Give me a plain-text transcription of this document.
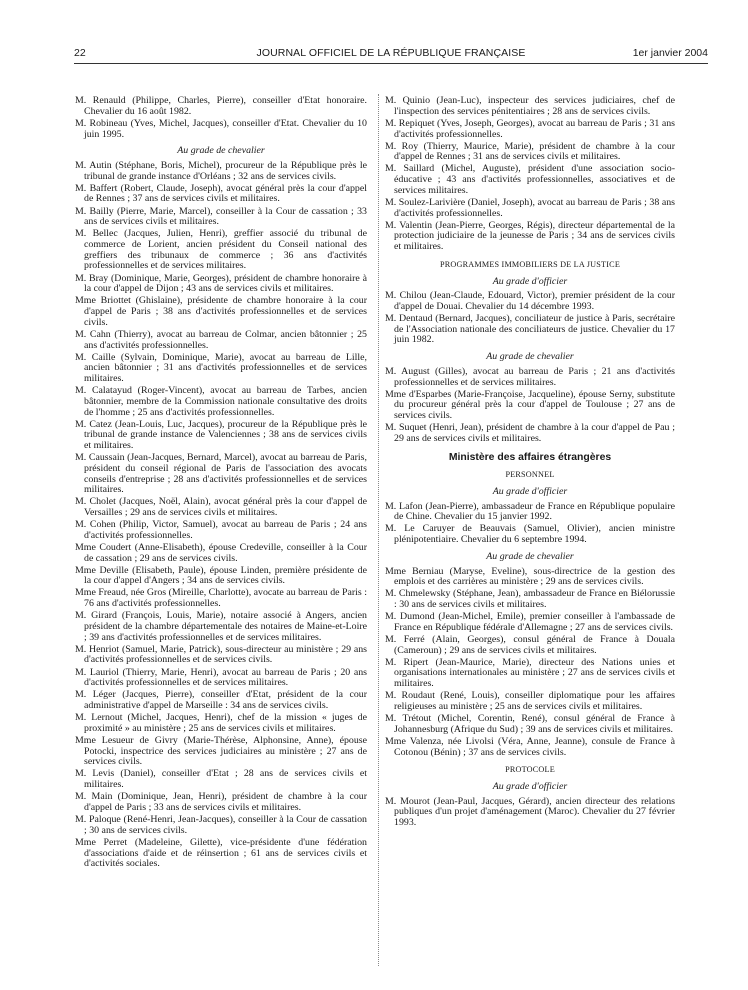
22	JOURNAL OFFICIEL DE LA RÉPUBLIQUE FRANÇAISE	1er janvier 2004
M. Renauld (Philippe, Charles, Pierre), conseiller d'Etat honoraire. Chevalier du 16 août 1982.
M. Robineau (Yves, Michel, Jacques), conseiller d'Etat. Chevalier du 10 juin 1995.
Au grade de chevalier
M. Autin (Stéphane, Boris, Michel), procureur de la République près le tribunal de grande instance d'Orléans ; 32 ans de services civils.
M. Baffert (Robert, Claude, Joseph), avocat général près la cour d'appel de Rennes ; 37 ans de services civils et militaires.
M. Bailly (Pierre, Marie, Marcel), conseiller à la Cour de cassation ; 33 ans de services civils et militaires.
M. Bellec (Jacques, Julien, Henri), greffier associé du tribunal de commerce de Lorient, ancien président du Conseil national des greffiers des tribunaux de commerce ; 36 ans d'activités professionnelles et de services militaires.
M. Bray (Dominique, Marie, Georges), président de chambre honoraire à la cour d'appel de Dijon ; 43 ans de services civils et militaires.
Mme Briottet (Ghislaine), présidente de chambre honoraire à la cour d'appel de Paris ; 38 ans d'activités professionnelles et de services civils.
M. Cahn (Thierry), avocat au barreau de Colmar, ancien bâtonnier ; 25 ans d'activités professionnelles.
M. Caille (Sylvain, Dominique, Marie), avocat au barreau de Lille, ancien bâtonnier ; 31 ans d'activités professionnelles et de services militaires.
M. Calatayud (Roger-Vincent), avocat au barreau de Tarbes, ancien bâtonnier, membre de la Commission nationale consultative des droits de l'homme ; 25 ans d'activités professionnelles.
M. Catez (Jean-Louis, Luc, Jacques), procureur de la République près le tribunal de grande instance de Valenciennes ; 38 ans de services civils et militaires.
M. Caussain (Jean-Jacques, Bernard, Marcel), avocat au barreau de Paris, président du conseil régional de Paris de l'association des avocats conseils d'entreprise ; 28 ans d'activités professionnelles et de services militaires.
M. Cholet (Jacques, Noël, Alain), avocat général près la cour d'appel de Versailles ; 29 ans de services civils et militaires.
M. Cohen (Philip, Victor, Samuel), avocat au barreau de Paris ; 24 ans d'activités professionnelles.
Mme Coudert (Anne-Elisabeth), épouse Credeville, conseiller à la Cour de cassation ; 29 ans de services civils.
Mme Deville (Elisabeth, Paule), épouse Linden, première présidente de la cour d'appel d'Angers ; 34 ans de services civils.
Mme Freaud, née Gros (Mireille, Charlotte), avocate au barreau de Paris : 76 ans d'activités professionnelles.
M. Girard (François, Louis, Marie), notaire associé à Angers, ancien président de la chambre départementale des notaires de Maine-et-Loire ; 39 ans d'activités professionnelles et de services militaires.
M. Henriot (Samuel, Marie, Patrick), sous-directeur au ministère ; 29 ans d'activités professionnelles et de services civils.
M. Lauriol (Thierry, Marie, Henri), avocat au barreau de Paris ; 20 ans d'activités professionnelles et de services militaires.
M. Léger (Jacques, Pierre), conseiller d'Etat, président de la cour administrative d'appel de Marseille : 34 ans de services civils.
M. Lernout (Michel, Jacques, Henri), chef de la mission « juges de proximité » au ministère ; 25 ans de services civils et militaires.
Mme Lesueur de Givry (Marie-Thérèse, Alphonsine, Anne), épouse Potocki, inspectrice des services judiciaires au ministère ; 27 ans de services civils.
M. Levis (Daniel), conseiller d'Etat ; 28 ans de services civils et militaires.
M. Main (Dominique, Jean, Henri), président de chambre à la cour d'appel de Paris ; 33 ans de services civils et militaires.
M. Paloque (René-Henri, Jean-Jacques), conseiller à la Cour de cassation ; 30 ans de services civils.
Mme Perret (Madeleine, Gilette), vice-présidente d'une fédération d'associations d'aide et de réinsertion ; 61 ans de services civils et d'activités sociales.
M. Quinio (Jean-Luc), inspecteur des services judiciaires, chef de l'inspection des services pénitentiaires ; 28 ans de services civils.
M. Repiquet (Yves, Joseph, Georges), avocat au barreau de Paris ; 31 ans d'activités professionnelles.
M. Roy (Thierry, Maurice, Marie), président de chambre à la cour d'appel de Rennes ; 31 ans de services civils et militaires.
M. Saillard (Michel, Auguste), président d'une association socio-éducative ; 43 ans d'activités professionnelles, associatives et de services militaires.
M. Soulez-Larivière (Daniel, Joseph), avocat au barreau de Paris ; 38 ans d'activités professionnelles.
M. Valentin (Jean-Pierre, Georges, Régis), directeur départemental de la protection judiciaire de la jeunesse de Paris ; 34 ans de services civils et militaires.
PROGRAMMES IMMOBILIERS DE LA JUSTICE
Au grade d'officier
M. Chilou (Jean-Claude, Edouard, Victor), premier président de la cour d'appel de Douai. Chevalier du 14 décembre 1993.
M. Dentaud (Bernard, Jacques), conciliateur de justice à Paris, secrétaire de l'Association nationale des conciliateurs de justice. Chevalier du 17 juin 1982.
Au grade de chevalier
M. August (Gilles), avocat au barreau de Paris ; 21 ans d'activités professionnelles et de services militaires.
Mme d'Esparbes (Marie-Françoise, Jacqueline), épouse Serny, substitute du procureur général près la cour d'appel de Toulouse ; 27 ans de services civils.
M. Suquet (Henri, Jean), président de chambre à la cour d'appel de Pau ; 29 ans de services civils et militaires.
Ministère des affaires étrangères
PERSONNEL
Au grade d'officier
M. Lafon (Jean-Pierre), ambassadeur de France en République populaire de Chine. Chevalier du 15 janvier 1992.
M. Le Caruyer de Beauvais (Samuel, Olivier), ancien ministre plénipotentiaire. Chevalier du 6 septembre 1994.
Au grade de chevalier
Mme Berniau (Maryse, Eveline), sous-directrice de la gestion des emplois et des carrières au ministère ; 29 ans de services civils.
M. Chmelewsky (Stéphane, Jean), ambassadeur de France en Biélorussie : 30 ans de services civils et militaires.
M. Dumond (Jean-Michel, Emile), premier conseiller à l'ambassade de France en République fédérale d'Allemagne ; 27 ans de services civils.
M. Ferré (Alain, Georges), consul général de France à Douala (Cameroun) ; 29 ans de services civils et militaires.
M. Ripert (Jean-Maurice, Marie), directeur des Nations unies et organisations internationales au ministère ; 27 ans de services civils et militaires.
M. Roudaut (René, Louis), conseiller diplomatique pour les affaires religieuses au ministère ; 25 ans de services civils et militaires.
M. Trétout (Michel, Corentin, René), consul général de France à Johannesburg (Afrique du Sud) ; 39 ans de services civils et militaires.
Mme Valenza, née Livolsi (Véra, Anne, Jeanne), consule de France à Cotonou (Bénin) ; 37 ans de services civils.
PROTOCOLE
Au grade d'officier
M. Mourot (Jean-Paul, Jacques, Gérard), ancien directeur des relations publiques d'un projet d'aménagement (Maroc). Chevalier du 27 février 1993.
